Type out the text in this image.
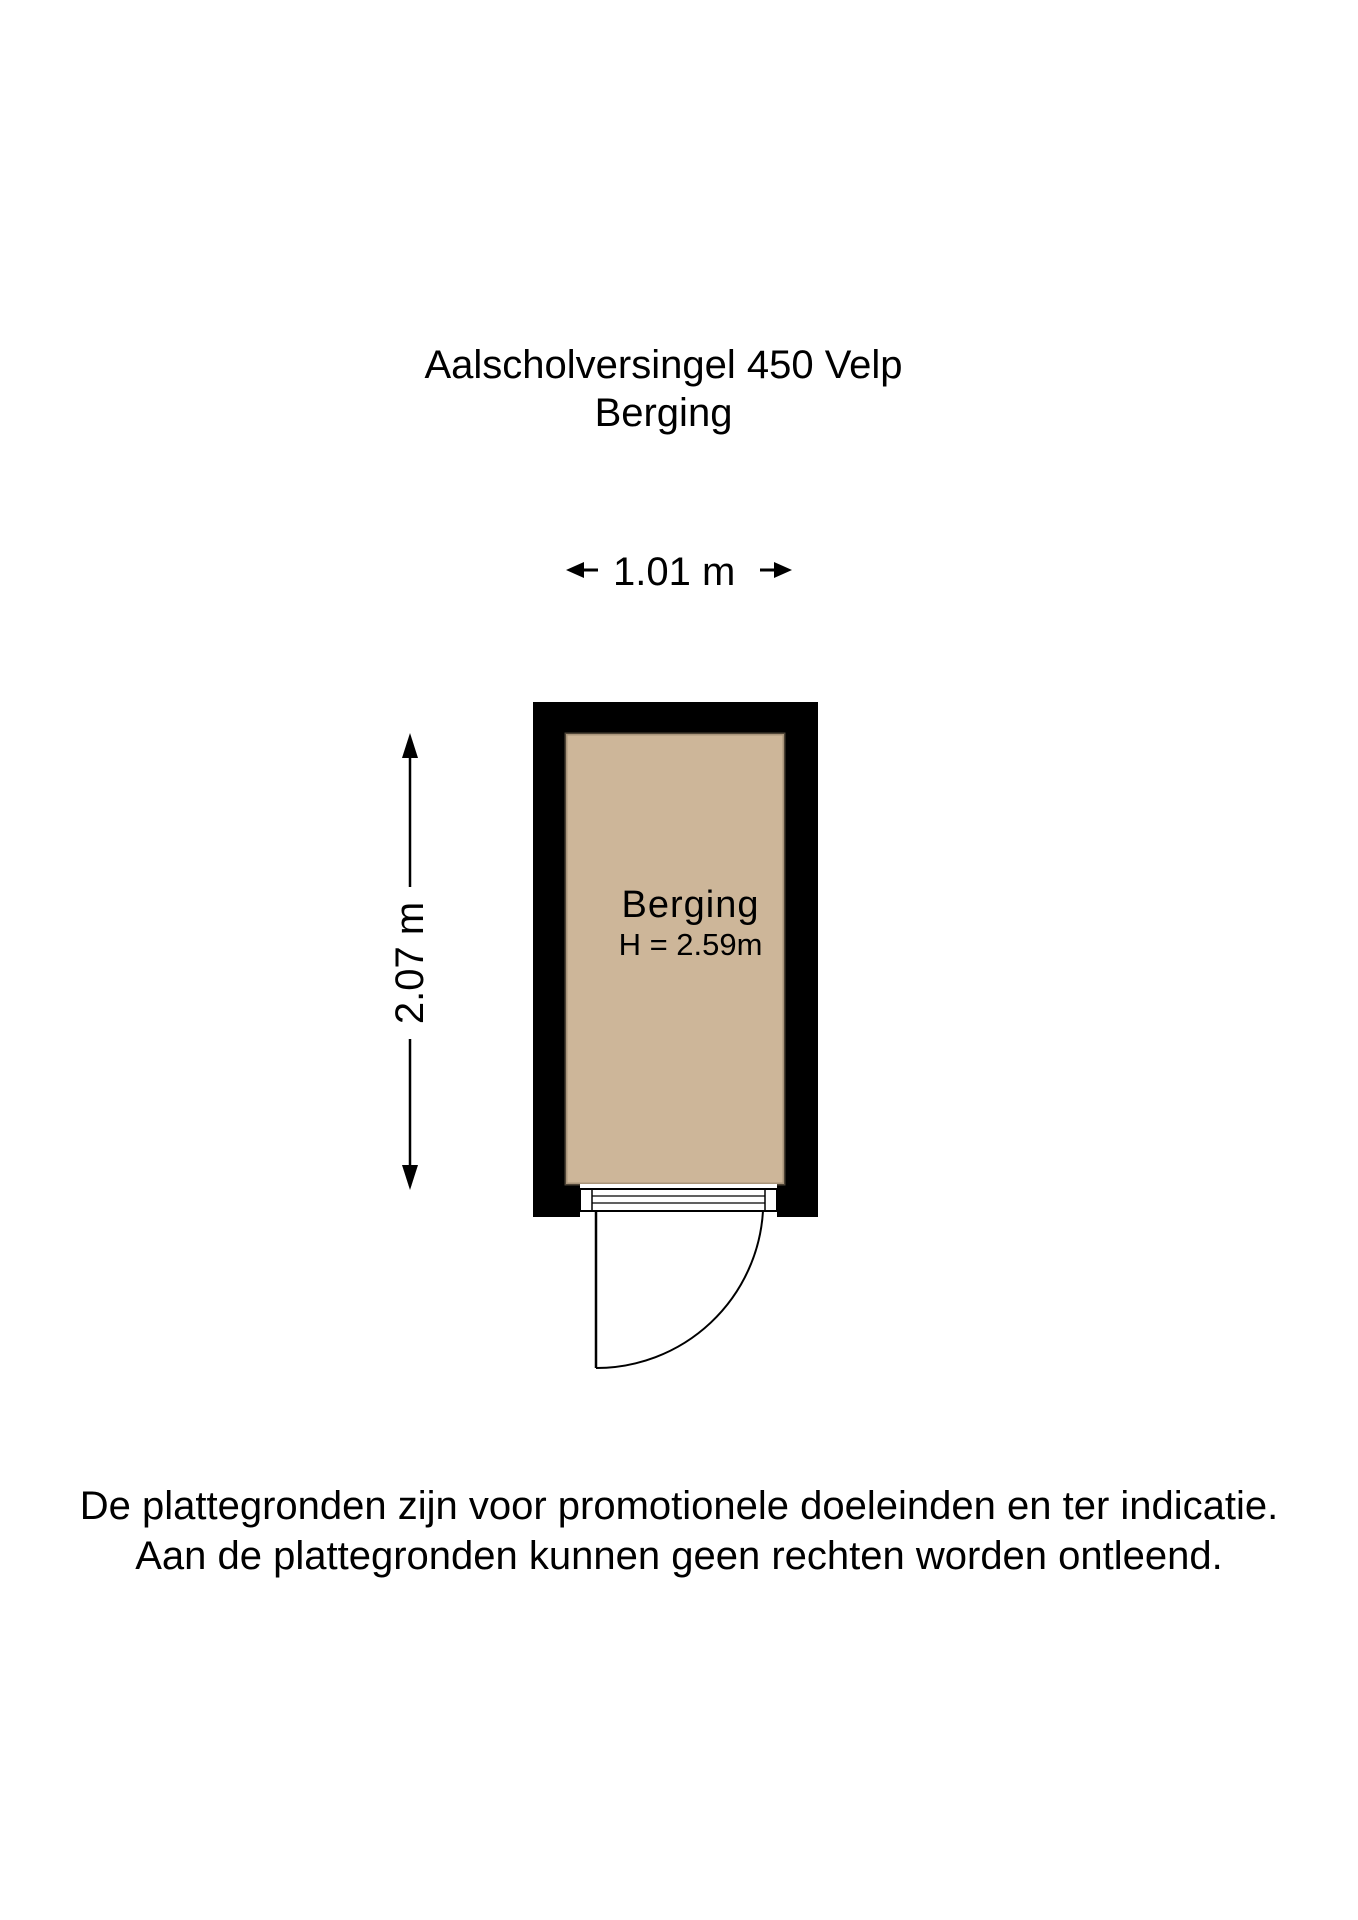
Aalscholversingel 450 Velp
Berging
1.01 m
2.07 m	Berging
H = 2.59m
De plattegronden zijn voor promotionele doeleinden en ter indicatie.
Aan de plattegronden kunnen geen rechten worden ontleend.
